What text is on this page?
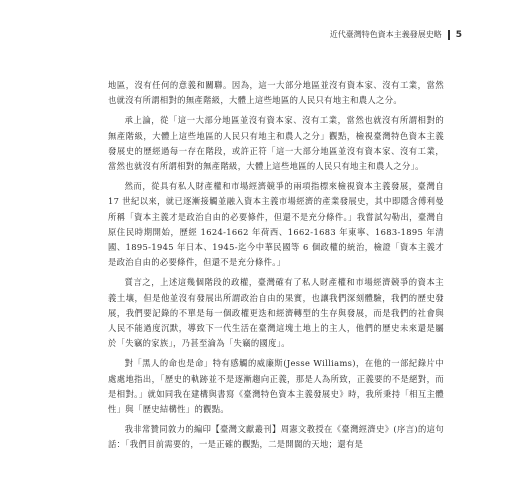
近代臺灣特色資本主義發展史略 5

地區，沒有任何的意義和關聯。因為，這一大部分地區並沒有資本家、沒有工業，當然也就沒有所謂相對的無產階級，大體上這些地區的人民只有地主和農人之分。

承上論，從「這一大部分地區並沒有資本家、沒有工業，當然也就沒有所謂相對的無產階級，大體上這些地區的人民只有地主和農人之分」觀點，檢視臺灣特色資本主義發展史的歷經過每一存在階段，或許正符「這一大部分地區並沒有資本家、沒有工業，當然也就沒有所謂相對的無產階級，大體上這些地區的人民只有地主和農人之分」。

然而，從具有私人財產權和市場經濟競爭的兩項指標來檢視資本主義發展，臺灣自 17 世紀以來，就已逐漸接觸並融入資本主義市場經濟的產業發展史，其中即隱含傅利曼所稱「資本主義才是政治自由的必要條件，但還不是充分條件。」我嘗試勾勒出，臺灣自原住民時期開始，歷經 1624-1662 年荷西、1662-1683 年東寧、1683-1895 年清國、1895-1945 年日本、1945-迄今中華民國等 6 個政權的統治，檢證「資本主義才是政治自由的必要條件，但還不是充分條件。」

質言之，上述這幾個階段的政權，臺灣確有了私人財產權和市場經濟競爭的資本主義土壤，但是他並沒有發展出所謂政治自由的果實，也讓我們深刻體驗，我們的歷史發展，我們要記錄的不單是每一個政權更迭和經濟轉型的生存與發展，而是我們的社會與人民不能過度沉默，導致下一代生活在臺灣這塊土地上的主人，他們的歷史未來還是屬於「失竊的家族」，乃甚至淪為「失竊的國度」。

對「黑人的命也是命」特有感觸的威廉斯(Jesse Williams)，在他的一部紀錄片中處處地指出，「歷史的軌跡並不是逐漸趨向正義，那是人為所致，正義要的不是絕對，而是相對。」就如同我在建構與書寫《臺灣特色資本主義發展史》時，我所秉持「相互主體性」與「歷史結構性」的觀點。

我非常贊同敦力的編印【臺灣文獻叢刊】周憲文教授在《臺灣經濟史》(序言)的這句話：「我們目前需要的，一是正確的觀點，二是開闊的天地；還有是
